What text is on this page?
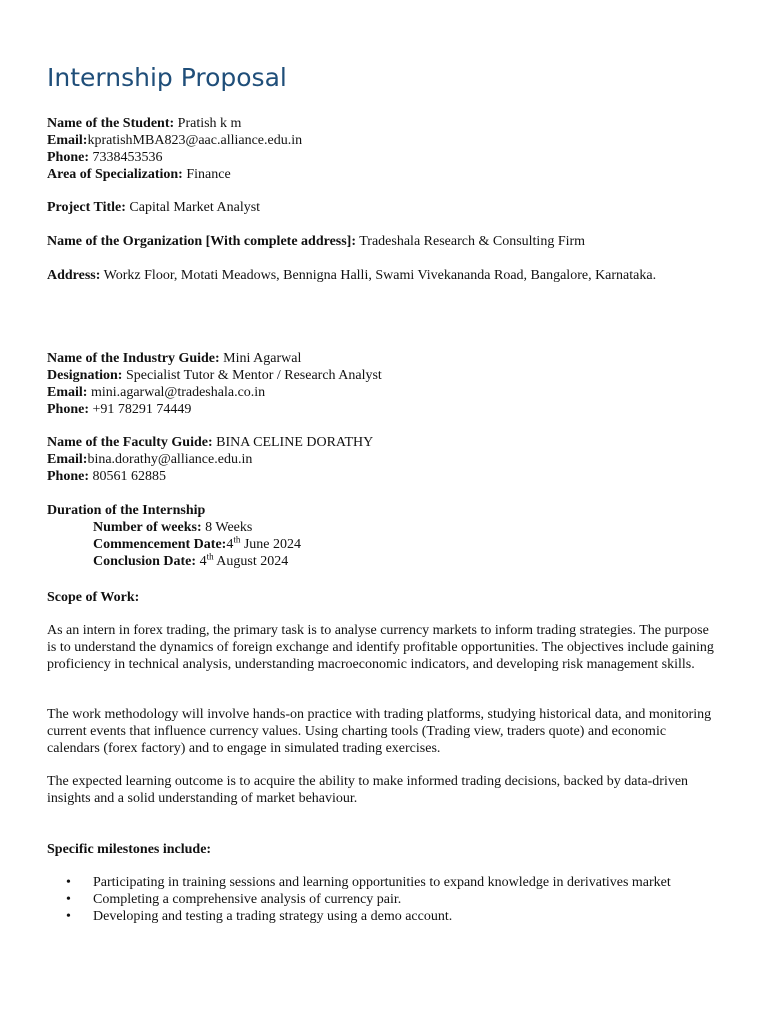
Internship Proposal
Name of the Student: Pratish k m
Email:kpratishMBA823@aac.alliance.edu.in
Phone: 7338453536
Area of Specialization: Finance
Project Title: Capital Market Analyst
Name of the Organization [With complete address]: Tradeshala Research & Consulting Firm
Address: Workz Floor, Motati Meadows, Bennigna Halli, Swami Vivekananda Road, Bangalore, Karnataka.
Name of the Industry Guide: Mini Agarwal
Designation: Specialist Tutor & Mentor / Research Analyst
Email: mini.agarwal@tradeshala.co.in
Phone: +91 78291 74449
Name of the Faculty Guide: BINA CELINE DORATHY
Email:bina.dorathy@alliance.edu.in
Phone: 80561 62885
Duration of the Internship
Number of weeks: 8 Weeks
Commencement Date:4th June 2024
Conclusion Date: 4th August 2024
Scope of Work:

As an intern in forex trading, the primary task is to analyse currency markets to inform trading strategies. The purpose is to understand the dynamics of foreign exchange and identify profitable opportunities. The objectives include gaining proficiency in technical analysis, understanding macroeconomic indicators, and developing risk management skills.

The work methodology will involve hands-on practice with trading platforms, studying historical data, and monitoring current events that influence currency values. Using charting tools (Trading view, traders quote) and economic calendars (forex factory) and to engage in simulated trading exercises.

The expected learning outcome is to acquire the ability to make informed trading decisions, backed by data-driven insights and a solid understanding of market behaviour.

Specific milestones include:
• Participating in training sessions and learning opportunities to expand knowledge in derivatives market
• Completing a comprehensive analysis of currency pair.
• Developing and testing a trading strategy using a demo account.
